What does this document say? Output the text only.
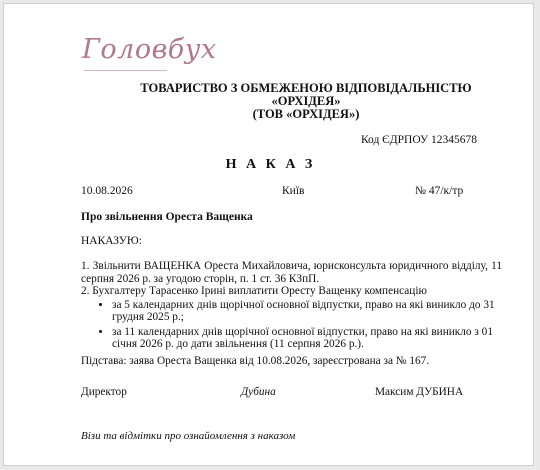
Головбух
ТОВАРИСТВО З ОБМЕЖЕНОЮ ВІДПОВІДАЛЬНІСТЮ
«ОРХІДЕЯ»
(ТОВ «ОРХІДЕЯ»)
Код ЄДРПОУ 12345678
Н А К А З
10.08.2026	Київ	№ 47/к/тр
Про звільнення Ореста Ващенка
НАКАЗУЮ:
1. Звільнити ВАЩЕНКА Ореста Михайловича, юрисконсульта юридичного відділу, 11 серпня 2026 р. за угодою сторін, п. 1 ст. 36 КЗпП.
2. Бухгалтеру Тарасенко Ірині виплатити Оресту Ващенку компенсацію
• за 5 календарних днів щорічної основної відпустки, право на які виникло до 31 грудня 2025 р.;
• за 11 календарних днів щорічної основної відпустки, право на які виникло з 01 січня 2026 р. до дати звільнення (11 серпня 2026 р.).
Підстава: заява Ореста Ващенка від 10.08.2026, зареєстрована за № 167.
Директор	Дубина	Максим ДУБИНА
Візи та відмітки про ознайомлення з наказом
